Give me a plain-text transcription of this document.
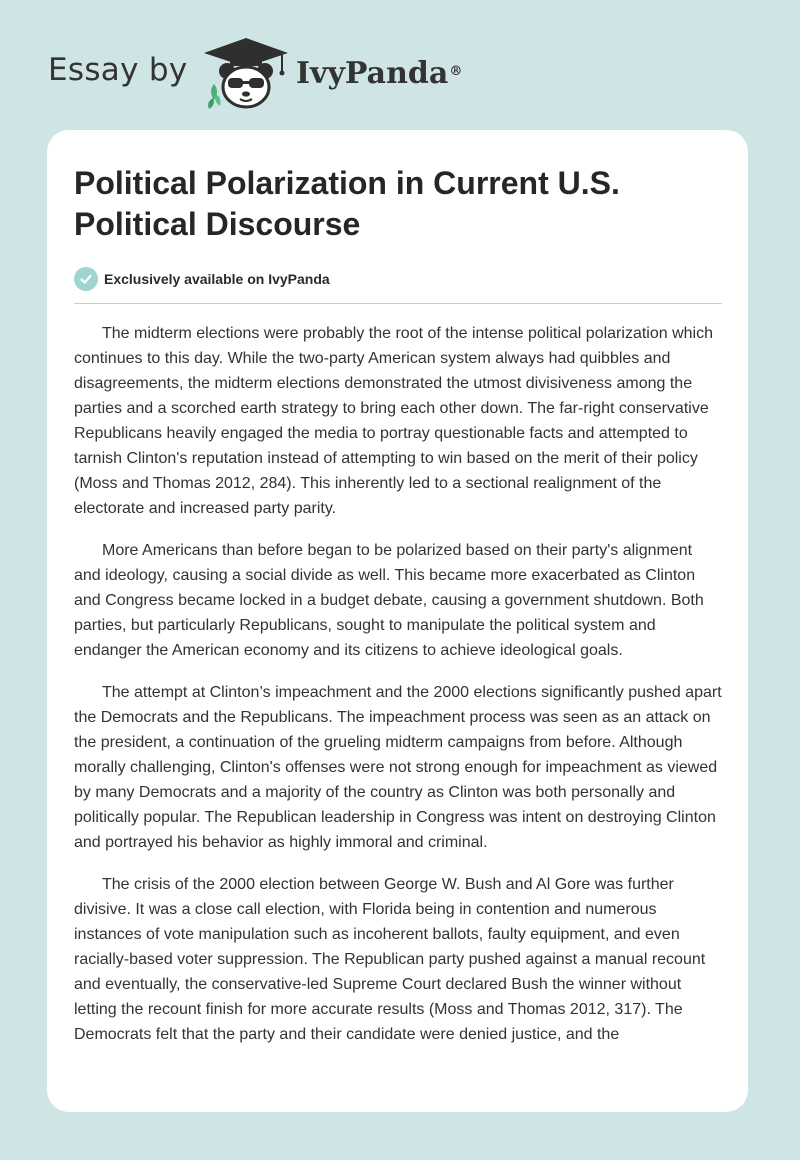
Essay by	IvyPanda®
Political Polarization in Current U.S.
Political Discourse
Exclusively available on IvyPanda

The midterm elections were probably the root of the intense political polarization which continues to this day. While the two-party American system always had quibbles and disagreements, the midterm elections demonstrated the utmost divisiveness among the parties and a scorched earth strategy to bring each other down. The far-right conservative Republicans heavily engaged the media to portray questionable facts and attempted to tarnish Clinton's reputation instead of attempting to win based on the merit of their policy (Moss and Thomas 2012, 284). This inherently led to a sectional realignment of the electorate and increased party parity.

More Americans than before began to be polarized based on their party's alignment and ideology, causing a social divide as well. This became more exacerbated as Clinton and Congress became locked in a budget debate, causing a government shutdown. Both parties, but particularly Republicans, sought to manipulate the political system and endanger the American economy and its citizens to achieve ideological goals.

The attempt at Clinton’s impeachment and the 2000 elections significantly pushed apart the Democrats and the Republicans. The impeachment process was seen as an attack on the president, a continuation of the grueling midterm campaigns from before. Although morally challenging, Clinton's offenses were not strong enough for impeachment as viewed by many Democrats and a majority of the country as Clinton was both personally and politically popular. The Republican leadership in Congress was intent on destroying Clinton and portrayed his behavior as highly immoral and criminal.

The crisis of the 2000 election between George W. Bush and Al Gore was further divisive. It was a close call election, with Florida being in contention and numerous instances of vote manipulation such as incoherent ballots, faulty equipment, and even racially-based voter suppression. The Republican party pushed against a manual recount and eventually, the conservative-led Supreme Court declared Bush the winner without letting the recount finish for more accurate results (Moss and Thomas 2012, 317). The Democrats felt that the party and their candidate were denied justice, and the
